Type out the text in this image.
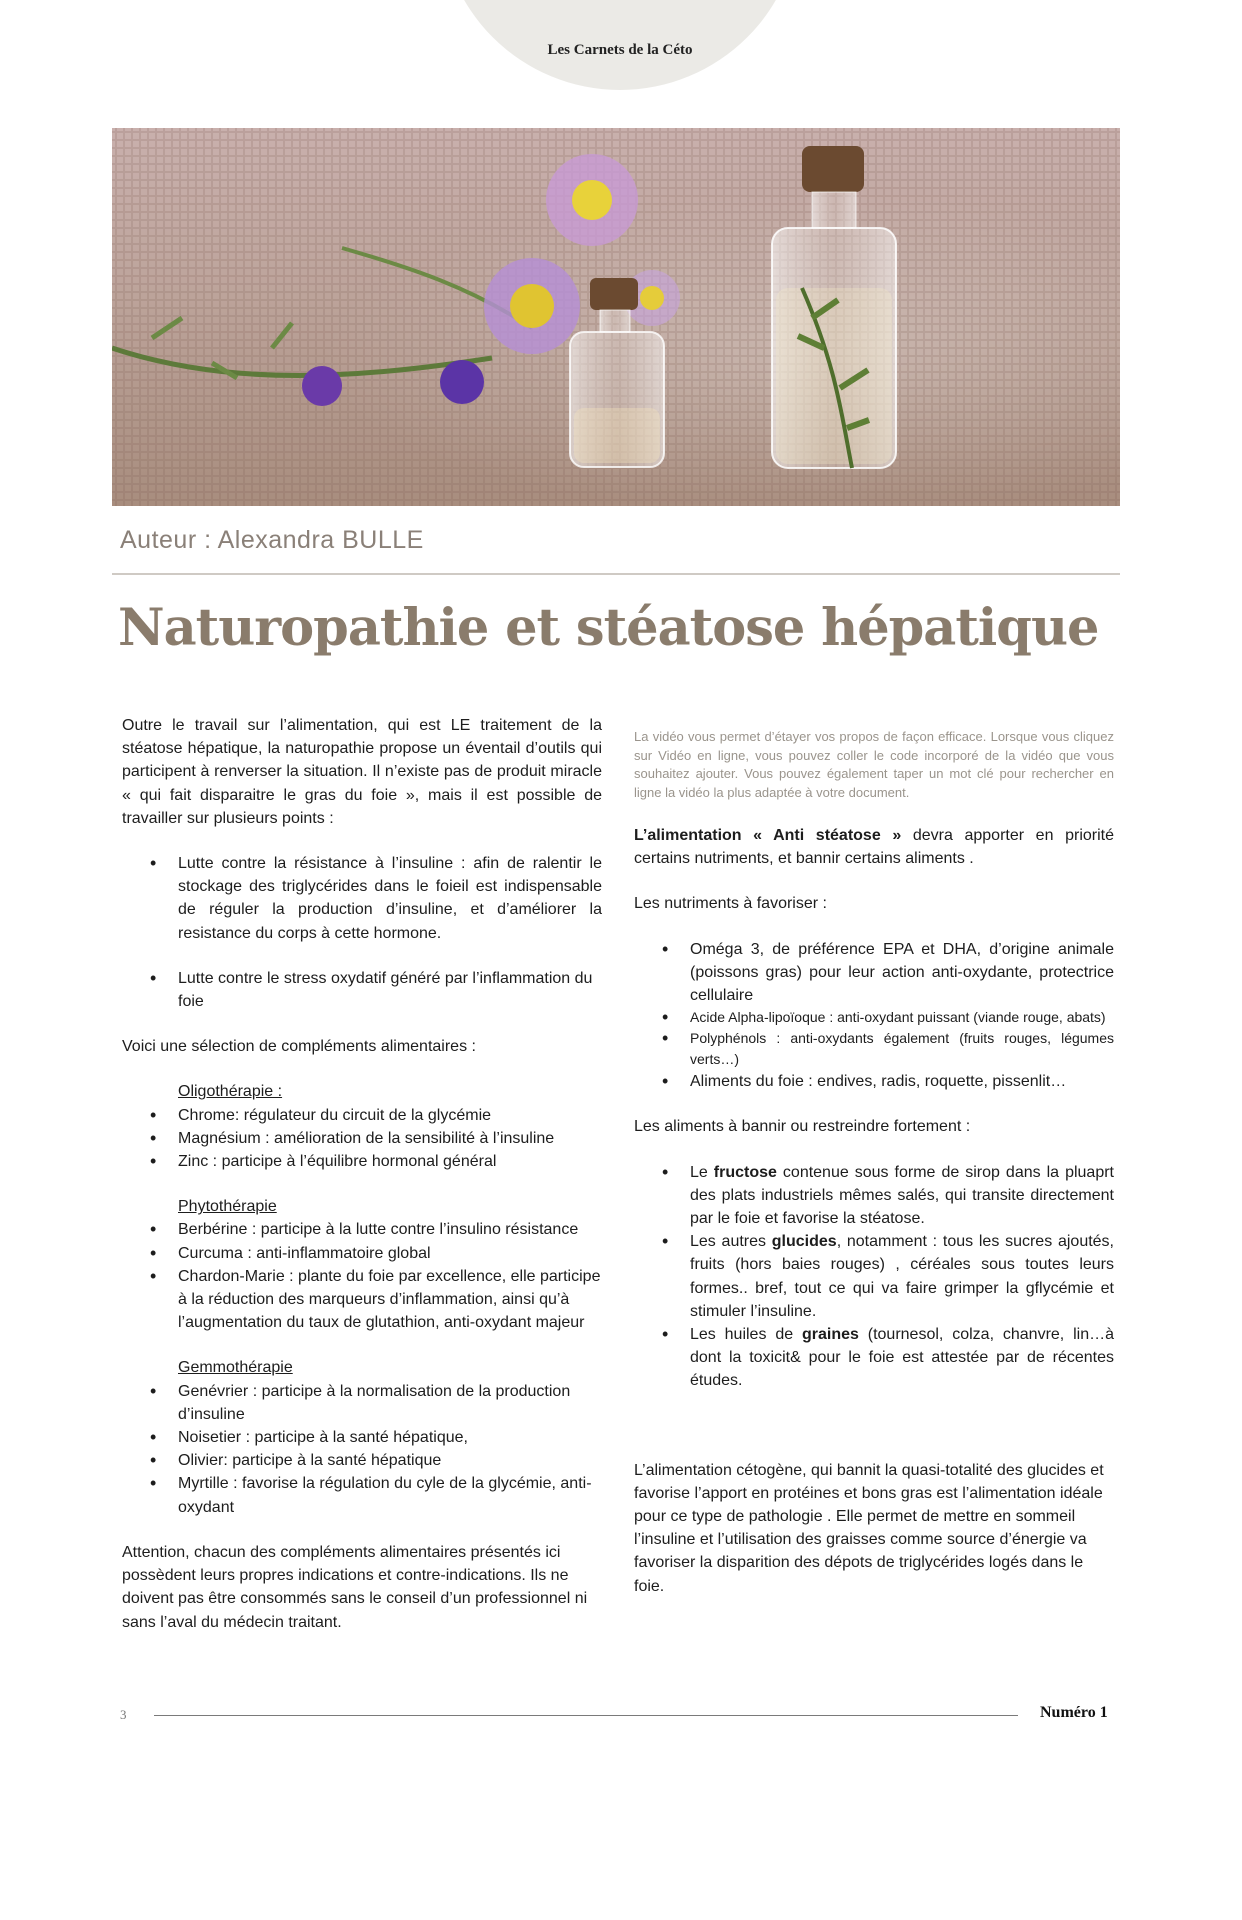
Les Carnets de la Céto
Auteur : Alexandra BULLE
Naturopathie et stéatose hépatique

Outre le travail sur l’alimentation, qui est LE traitement de la stéatose hépatique, la naturopathie propose un éventail d’outils qui participent à renverser la situation. Il n’existe pas de produit miracle « qui fait disparaitre le gras du foie », mais il est possible de travailler sur plusieurs points :

• Lutte contre la résistance à l’insuline : afin de ralentir le stockage des triglycérides dans le foieil est indispensable de réguler la production d’insuline, et d’améliorer la resistance du corps à cette hormone.
• Lutte contre le stress oxydatif généré par l’inflammation du foie

Voici une sélection de compléments alimentaires :

Oligothérapie :

• Chrome: régulateur du circuit de la glycémie
• Magnésium : amélioration de la sensibilité à l’insuline
• Zinc : participe à l’équilibre hormonal général

Phytothérapie

• Berbérine : participe à la lutte contre l’insulino résistance
• Curcuma : anti-inflammatoire global
• Chardon-Marie : plante du foie par excellence, elle participe à la réduction des marqueurs d’inflammation, ainsi qu’à l’augmentation du taux de glutathion, anti-oxydant majeur

Gemmothérapie

• Genévrier : participe à la normalisation de la production d’insuline
• Noisetier : participe à la santé hépatique,
• Olivier: participe à la santé hépatique
• Myrtille : favorise la régulation du cyle de la glycémie, anti-oxydant

Attention, chacun des compléments alimentaires présentés ici possèdent leurs propres indications et contre-indications. Ils ne doivent pas être consommés sans le conseil d’un professionnel ni sans l’aval du médecin traitant.

La vidéo vous permet d’étayer vos propos de façon efficace. Lorsque vous cliquez sur Vidéo en ligne, vous pouvez coller le code incorporé de la vidéo que vous souhaitez ajouter. Vous pouvez également taper un mot clé pour rechercher en ligne la vidéo la plus adaptée à votre document.

L’alimentation « Anti stéatose » devra apporter en priorité certains nutriments, et bannir certains aliments .

Les nutriments à favoriser :

• Oméga 3, de préférence EPA et DHA, d’origine animale (poissons gras) pour leur action anti-oxydante, protectrice cellulaire
• Acide Alpha-lipoïoque : anti-oxydant puissant (viande rouge, abats)
• Polyphénols : anti-oxydants également (fruits rouges, légumes verts…)
• Aliments du foie : endives, radis, roquette, pissenlit…

Les aliments à bannir ou restreindre fortement :

• Le fructose contenue sous forme de sirop dans la pluaprt des plats industriels mêmes salés, qui transite directement par le foie et favorise la stéatose.
• Les autres glucides, notamment : tous les sucres ajoutés, fruits (hors baies rouges) , céréales sous toutes leurs formes.. bref, tout ce qui va faire grimper la gflycémie et stimuler l’insuline.
• Les huiles de graines (tournesol, colza, chanvre, lin…à dont la toxicit& pour le foie est attestée par de récentes études.

L’alimentation cétogène, qui bannit la quasi-totalité des glucides et favorise l’apport en protéines et bons gras est l’alimentation idéale pour ce type de pathologie . Elle permet de mettre en sommeil l’insuline et l’utilisation des graisses comme source d’énergie va favoriser la disparition des dépots de triglycérides logés dans le foie.

3	Numéro 1
